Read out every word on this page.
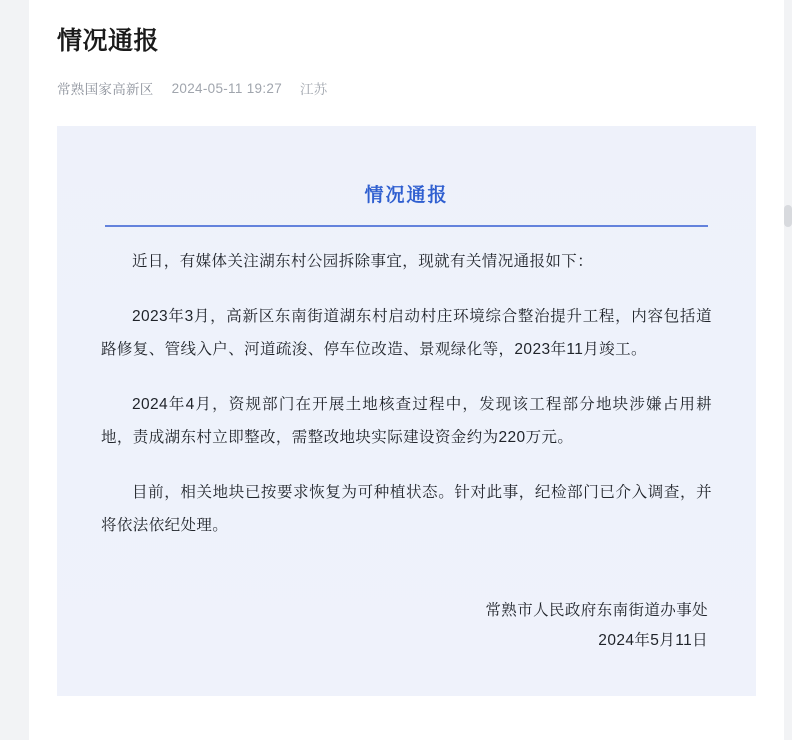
情况通报
常熟国家高新区 2024-05-11 19:27 江苏
情况通报

近日，有媒体关注湖东村公园拆除事宜，现就有关情况通报如下：

2023年3月，高新区东南街道湖东村启动村庄环境综合整治提升工程，内容包括道路修复、管线入户、河道疏浚、停车位改造、景观绿化等，2023年11月竣工。

2024年4月，资规部门在开展土地核查过程中，发现该工程部分地块涉嫌占用耕地，责成湖东村立即整改，需整改地块实际建设资金约为220万元。

目前，相关地块已按要求恢复为可种植状态。针对此事，纪检部门已介入调查，并将依法依纪处理。

常熟市人民政府东南街道办事处
2024年5月11日
